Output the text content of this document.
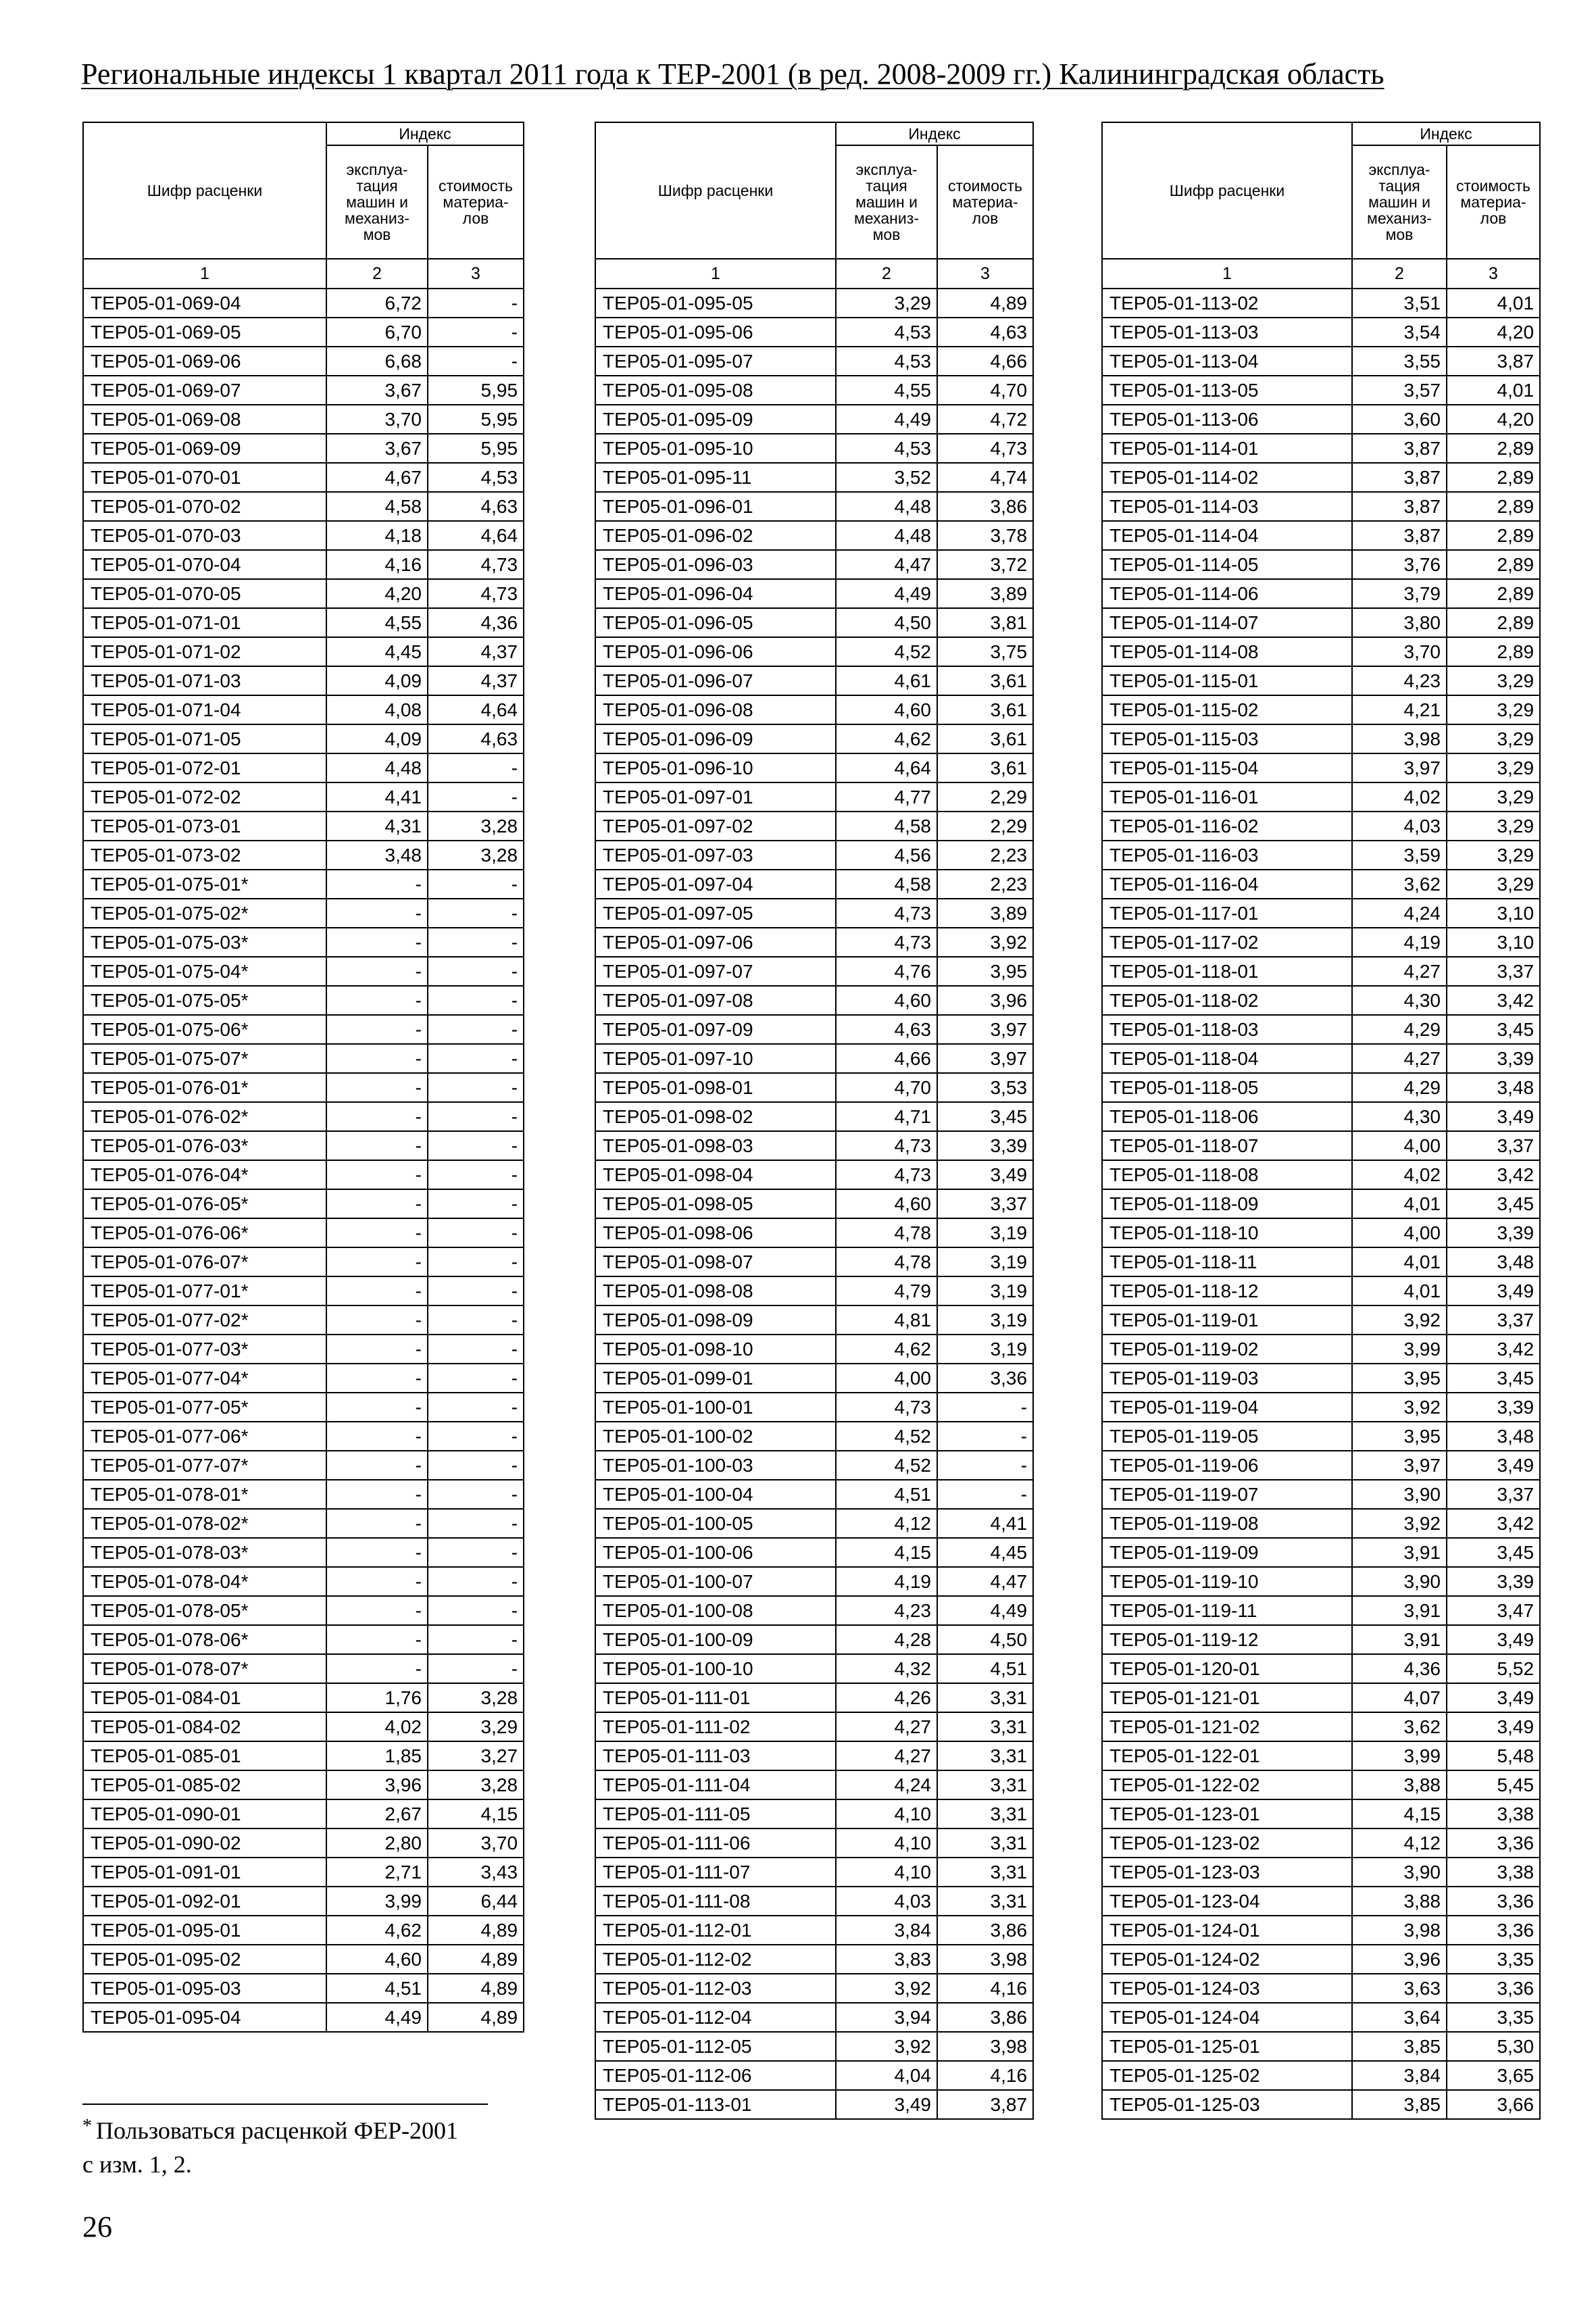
Региональные индексы 1 квартал 2011 года к ТЕР-2001 (в ред. 2008-2009 гг.) Калининградская область
Шифр расценки	Индекс	
	эксплуа-
тация
машин и
механиз-
мов	стоимость
материа-
лов
1	2	3
ТЕР05-01-069-04	6,72	-
ТЕР05-01-069-05	6,70	-
ТЕР05-01-069-06	6,68	-
ТЕР05-01-069-07	3,67	5,95
ТЕР05-01-069-08	3,70	5,95
ТЕР05-01-069-09	3,67	5,95
ТЕР05-01-070-01	4,67	4,53
ТЕР05-01-070-02	4,58	4,63
ТЕР05-01-070-03	4,18	4,64
ТЕР05-01-070-04	4,16	4,73
ТЕР05-01-070-05	4,20	4,73
ТЕР05-01-071-01	4,55	4,36
ТЕР05-01-071-02	4,45	4,37
ТЕР05-01-071-03	4,09	4,37
ТЕР05-01-071-04	4,08	4,64
ТЕР05-01-071-05	4,09	4,63
ТЕР05-01-072-01	4,48	-
ТЕР05-01-072-02	4,41	-
ТЕР05-01-073-01	4,31	3,28
ТЕР05-01-073-02	3,48	3,28
ТЕР05-01-075-01*	-	-
ТЕР05-01-075-02*	-	-
ТЕР05-01-075-03*	-	-
ТЕР05-01-075-04*	-	-
ТЕР05-01-075-05*	-	-
ТЕР05-01-075-06*	-	-
ТЕР05-01-075-07*	-	-
ТЕР05-01-076-01*	-	-
ТЕР05-01-076-02*	-	-
ТЕР05-01-076-03*	-	-
ТЕР05-01-076-04*	-	-
ТЕР05-01-076-05*	-	-
ТЕР05-01-076-06*	-	-
ТЕР05-01-076-07*	-	-
ТЕР05-01-077-01*	-	-
ТЕР05-01-077-02*	-	-
ТЕР05-01-077-03*	-	-
ТЕР05-01-077-04*	-	-
ТЕР05-01-077-05*	-	-
ТЕР05-01-077-06*	-	-
ТЕР05-01-077-07*	-	-
ТЕР05-01-078-01*	-	-
ТЕР05-01-078-02*	-	-
ТЕР05-01-078-03*	-	-
ТЕР05-01-078-04*	-	-
ТЕР05-01-078-05*	-	-
ТЕР05-01-078-06*	-	-
ТЕР05-01-078-07*	-	-
ТЕР05-01-084-01	1,76	3,28
ТЕР05-01-084-02	4,02	3,29
ТЕР05-01-085-01	1,85	3,27
ТЕР05-01-085-02	3,96	3,28
ТЕР05-01-090-01	2,67	4,15
ТЕР05-01-090-02	2,80	3,70
ТЕР05-01-091-01	2,71	3,43
ТЕР05-01-092-01	3,99	6,44
ТЕР05-01-095-01	4,62	4,89
ТЕР05-01-095-02	4,60	4,89
ТЕР05-01-095-03	4,51	4,89
ТЕР05-01-095-04	4,49	4,89
Шифр расценки	Индекс	
	эксплуа-
тация
машин и
механиз-
мов	стоимость
материа-
лов
1	2	3
ТЕР05-01-095-05	3,29	4,89
ТЕР05-01-095-06	4,53	4,63
ТЕР05-01-095-07	4,53	4,66
ТЕР05-01-095-08	4,55	4,70
ТЕР05-01-095-09	4,49	4,72
ТЕР05-01-095-10	4,53	4,73
ТЕР05-01-095-11	3,52	4,74
ТЕР05-01-096-01	4,48	3,86
ТЕР05-01-096-02	4,48	3,78
ТЕР05-01-096-03	4,47	3,72
ТЕР05-01-096-04	4,49	3,89
ТЕР05-01-096-05	4,50	3,81
ТЕР05-01-096-06	4,52	3,75
ТЕР05-01-096-07	4,61	3,61
ТЕР05-01-096-08	4,60	3,61
ТЕР05-01-096-09	4,62	3,61
ТЕР05-01-096-10	4,64	3,61
ТЕР05-01-097-01	4,77	2,29
ТЕР05-01-097-02	4,58	2,29
ТЕР05-01-097-03	4,56	2,23
ТЕР05-01-097-04	4,58	2,23
ТЕР05-01-097-05	4,73	3,89
ТЕР05-01-097-06	4,73	3,92
ТЕР05-01-097-07	4,76	3,95
ТЕР05-01-097-08	4,60	3,96
ТЕР05-01-097-09	4,63	3,97
ТЕР05-01-097-10	4,66	3,97
ТЕР05-01-098-01	4,70	3,53
ТЕР05-01-098-02	4,71	3,45
ТЕР05-01-098-03	4,73	3,39
ТЕР05-01-098-04	4,73	3,49
ТЕР05-01-098-05	4,60	3,37
ТЕР05-01-098-06	4,78	3,19
ТЕР05-01-098-07	4,78	3,19
ТЕР05-01-098-08	4,79	3,19
ТЕР05-01-098-09	4,81	3,19
ТЕР05-01-098-10	4,62	3,19
ТЕР05-01-099-01	4,00	3,36
ТЕР05-01-100-01	4,73	-
ТЕР05-01-100-02	4,52	-
ТЕР05-01-100-03	4,52	-
ТЕР05-01-100-04	4,51	-
ТЕР05-01-100-05	4,12	4,41
ТЕР05-01-100-06	4,15	4,45
ТЕР05-01-100-07	4,19	4,47
ТЕР05-01-100-08	4,23	4,49
ТЕР05-01-100-09	4,28	4,50
ТЕР05-01-100-10	4,32	4,51
ТЕР05-01-111-01	4,26	3,31
ТЕР05-01-111-02	4,27	3,31
ТЕР05-01-111-03	4,27	3,31
ТЕР05-01-111-04	4,24	3,31
ТЕР05-01-111-05	4,10	3,31
ТЕР05-01-111-06	4,10	3,31
ТЕР05-01-111-07	4,10	3,31
ТЕР05-01-111-08	4,03	3,31
ТЕР05-01-112-01	3,84	3,86
ТЕР05-01-112-02	3,83	3,98
ТЕР05-01-112-03	3,92	4,16
ТЕР05-01-112-04	3,94	3,86
ТЕР05-01-112-05	3,92	3,98
ТЕР05-01-112-06	4,04	4,16
ТЕР05-01-113-01	3,49	3,87
Шифр расценки	Индекс	
	эксплуа-
тация
машин и
механиз-
мов	стоимость
материа-
лов
1	2	3
ТЕР05-01-113-02	3,51	4,01
ТЕР05-01-113-03	3,54	4,20
ТЕР05-01-113-04	3,55	3,87
ТЕР05-01-113-05	3,57	4,01
ТЕР05-01-113-06	3,60	4,20
ТЕР05-01-114-01	3,87	2,89
ТЕР05-01-114-02	3,87	2,89
ТЕР05-01-114-03	3,87	2,89
ТЕР05-01-114-04	3,87	2,89
ТЕР05-01-114-05	3,76	2,89
ТЕР05-01-114-06	3,79	2,89
ТЕР05-01-114-07	3,80	2,89
ТЕР05-01-114-08	3,70	2,89
ТЕР05-01-115-01	4,23	3,29
ТЕР05-01-115-02	4,21	3,29
ТЕР05-01-115-03	3,98	3,29
ТЕР05-01-115-04	3,97	3,29
ТЕР05-01-116-01	4,02	3,29
ТЕР05-01-116-02	4,03	3,29
ТЕР05-01-116-03	3,59	3,29
ТЕР05-01-116-04	3,62	3,29
ТЕР05-01-117-01	4,24	3,10
ТЕР05-01-117-02	4,19	3,10
ТЕР05-01-118-01	4,27	3,37
ТЕР05-01-118-02	4,30	3,42
ТЕР05-01-118-03	4,29	3,45
ТЕР05-01-118-04	4,27	3,39
ТЕР05-01-118-05	4,29	3,48
ТЕР05-01-118-06	4,30	3,49
ТЕР05-01-118-07	4,00	3,37
ТЕР05-01-118-08	4,02	3,42
ТЕР05-01-118-09	4,01	3,45
ТЕР05-01-118-10	4,00	3,39
ТЕР05-01-118-11	4,01	3,48
ТЕР05-01-118-12	4,01	3,49
ТЕР05-01-119-01	3,92	3,37
ТЕР05-01-119-02	3,99	3,42
ТЕР05-01-119-03	3,95	3,45
ТЕР05-01-119-04	3,92	3,39
ТЕР05-01-119-05	3,95	3,48
ТЕР05-01-119-06	3,97	3,49
ТЕР05-01-119-07	3,90	3,37
ТЕР05-01-119-08	3,92	3,42
ТЕР05-01-119-09	3,91	3,45
ТЕР05-01-119-10	3,90	3,39
ТЕР05-01-119-11	3,91	3,47
ТЕР05-01-119-12	3,91	3,49
ТЕР05-01-120-01	4,36	5,52
ТЕР05-01-121-01	4,07	3,49
ТЕР05-01-121-02	3,62	3,49
ТЕР05-01-122-01	3,99	5,48
ТЕР05-01-122-02	3,88	5,45
ТЕР05-01-123-01	4,15	3,38
ТЕР05-01-123-02	4,12	3,36
ТЕР05-01-123-03	3,90	3,38
ТЕР05-01-123-04	3,88	3,36
ТЕР05-01-124-01	3,98	3,36
ТЕР05-01-124-02	3,96	3,35
ТЕР05-01-124-03	3,63	3,36
ТЕР05-01-124-04	3,64	3,35
ТЕР05-01-125-01	3,85	5,30
ТЕР05-01-125-02	3,84	3,65
ТЕР05-01-125-03	3,85	3,66
* Пользоваться расценкой ФЕР-2001
с изм. 1, 2.
26
